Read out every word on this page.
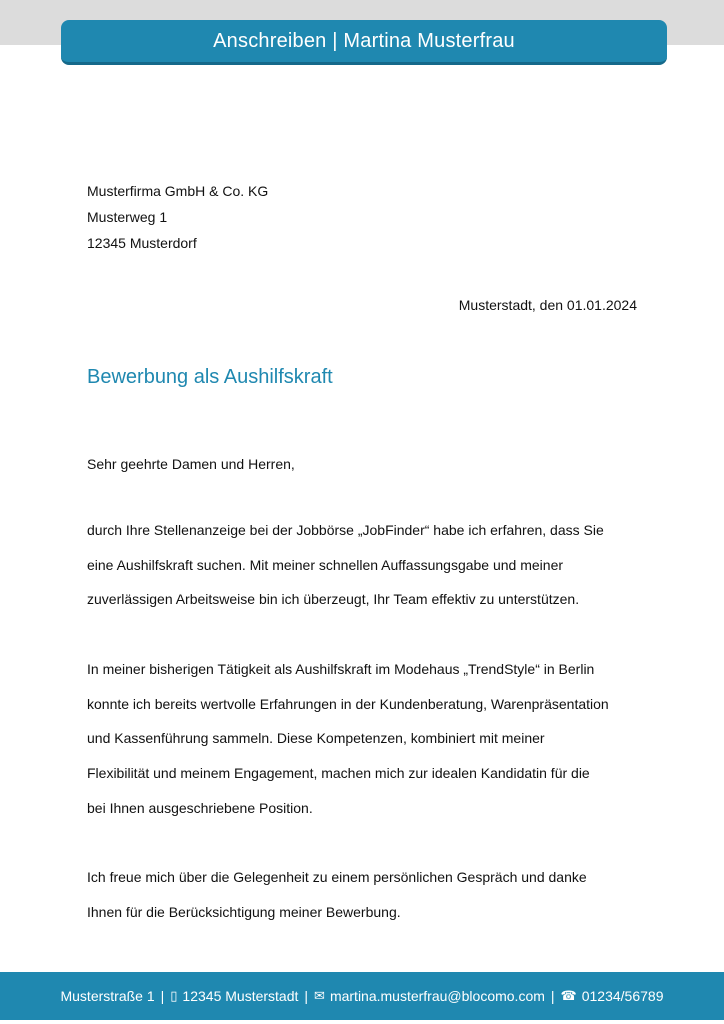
Anschreiben | Martina Musterfrau
Musterfirma GmbH & Co. KG
Musterweg 1
12345 Musterdorf
Musterstadt, den 01.01.2024
Bewerbung als Aushilfskraft
Sehr geehrte Damen und Herren,
durch Ihre Stellenanzeige bei der Jobbörse „JobFinder“ habe ich erfahren, dass Sie
eine Aushilfskraft suchen. Mit meiner schnellen Auffassungsgabe und meiner
zuverlässigen Arbeitsweise bin ich überzeugt, Ihr Team effektiv zu unterstützen.
In meiner bisherigen Tätigkeit als Aushilfskraft im Modehaus „TrendStyle“ in Berlin
konnte ich bereits wertvolle Erfahrungen in der Kundenberatung, Warenpräsentation
und Kassenführung sammeln. Diese Kompetenzen, kombiniert mit meiner
Flexibilität und meinem Engagement, machen mich zur idealen Kandidatin für die
bei Ihnen ausgeschriebene Position.
Ich freue mich über die Gelegenheit zu einem persönlichen Gespräch und danke
Ihnen für die Berücksichtigung meiner Bewerbung.
Musterstraße 1 | ▯ 12345 Musterstadt | ✉ martina.musterfrau@blocomo.com | ☎ 01234/56789
